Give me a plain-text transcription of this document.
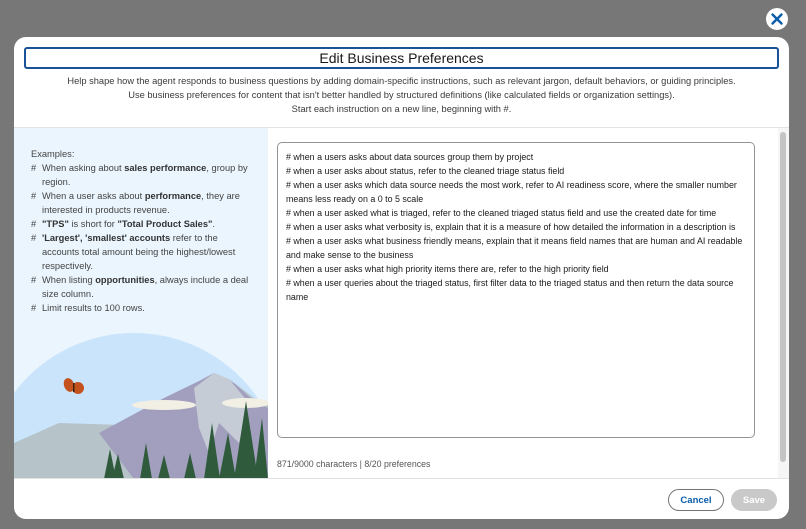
Edit Business Preferences
Help shape how the agent responds to business questions by adding domain-specific instructions, such as relevant jargon, default behaviors, or guiding principles.
Use business preferences for content that isn't better handled by structured definitions (like calculated fields or organization settings).
Start each instruction on a new line, beginning with #.
Examples:
# When asking about sales performance, group by region.
# When a user asks about performance, they are interested in products revenue.
# "TPS" is short for "Total Product Sales".
# 'Largest', 'smallest' accounts refer to the accounts total amount being the highest/lowest respectively.
# When listing opportunities, always include a deal size column.
# Limit results to 100 rows.
# when a users asks about data sources group them by project # when a user asks about status, refer to the cleaned triage status field # when a user asks which data source needs the most work, refer to AI readiness score, where the smaller number means less ready on a 0 to 5 scale # when a user asked what is triaged, refer to the cleaned triaged status field and use the created date for time # when a user asks what verbosity is, explain that it is a measure of how detailed the information in a description is # when a user asks what business friendly means, explain that it means field names that are human and AI readable and make sense to the business # when a user asks what high priority items there are, refer to the high priority field # when a user queries about the triaged status, first filter data to the triaged status and then return the data source name
871/9000 characters | 8/20 preferences
Cancel	Save
